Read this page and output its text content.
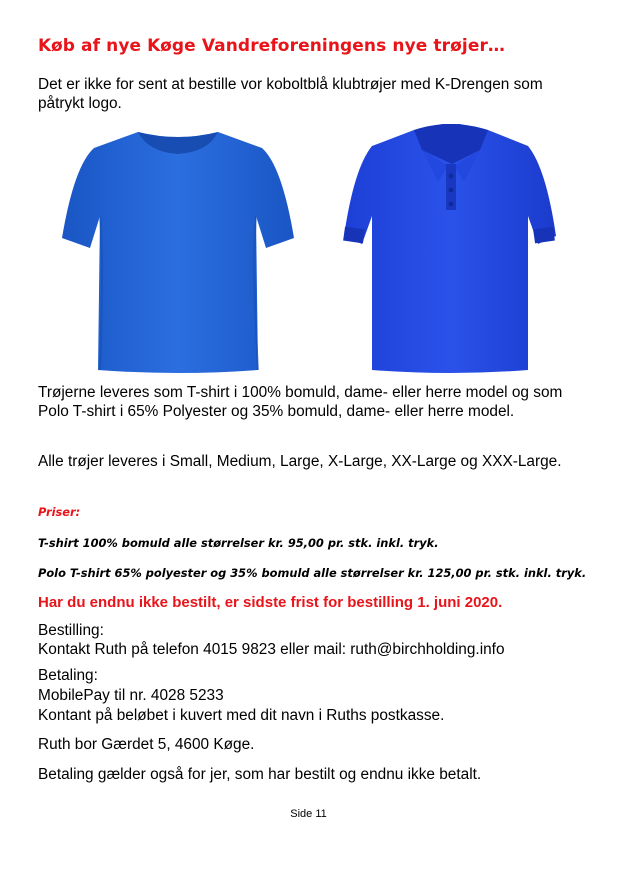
Køb af nye Køge Vandreforeningens nye trøjer…
Det er ikke for sent at bestille vor koboltblå klubtrøjer med K-Drengen som påtrykt logo.
Trøjerne leveres som T-shirt i 100% bomuld, dame- eller herre model og som Polo T-shirt i 65% Polyester og 35% bomuld, dame- eller herre model.
Alle trøjer leveres i Small, Medium, Large, X-Large, XX-Large og XXX-Large.
Priser:
T-shirt 100% bomuld alle størrelser kr. 95,00 pr. stk. inkl. tryk.
Polo T-shirt 65% polyester og 35% bomuld alle størrelser kr. 125,00 pr. stk. inkl. tryk.
Har du endnu ikke bestilt, er sidste frist for bestilling 1. juni 2020.
Bestilling:
Kontakt Ruth på telefon 4015 9823 eller mail: ruth@birchholding.info
Betaling:
MobilePay til nr. 4028 5233
Kontant på beløbet i kuvert med dit navn i Ruths postkasse.
Ruth bor Gærdet 5, 4600 Køge.
Betaling gælder også for jer, som har bestilt og endnu ikke betalt.
Side 11
